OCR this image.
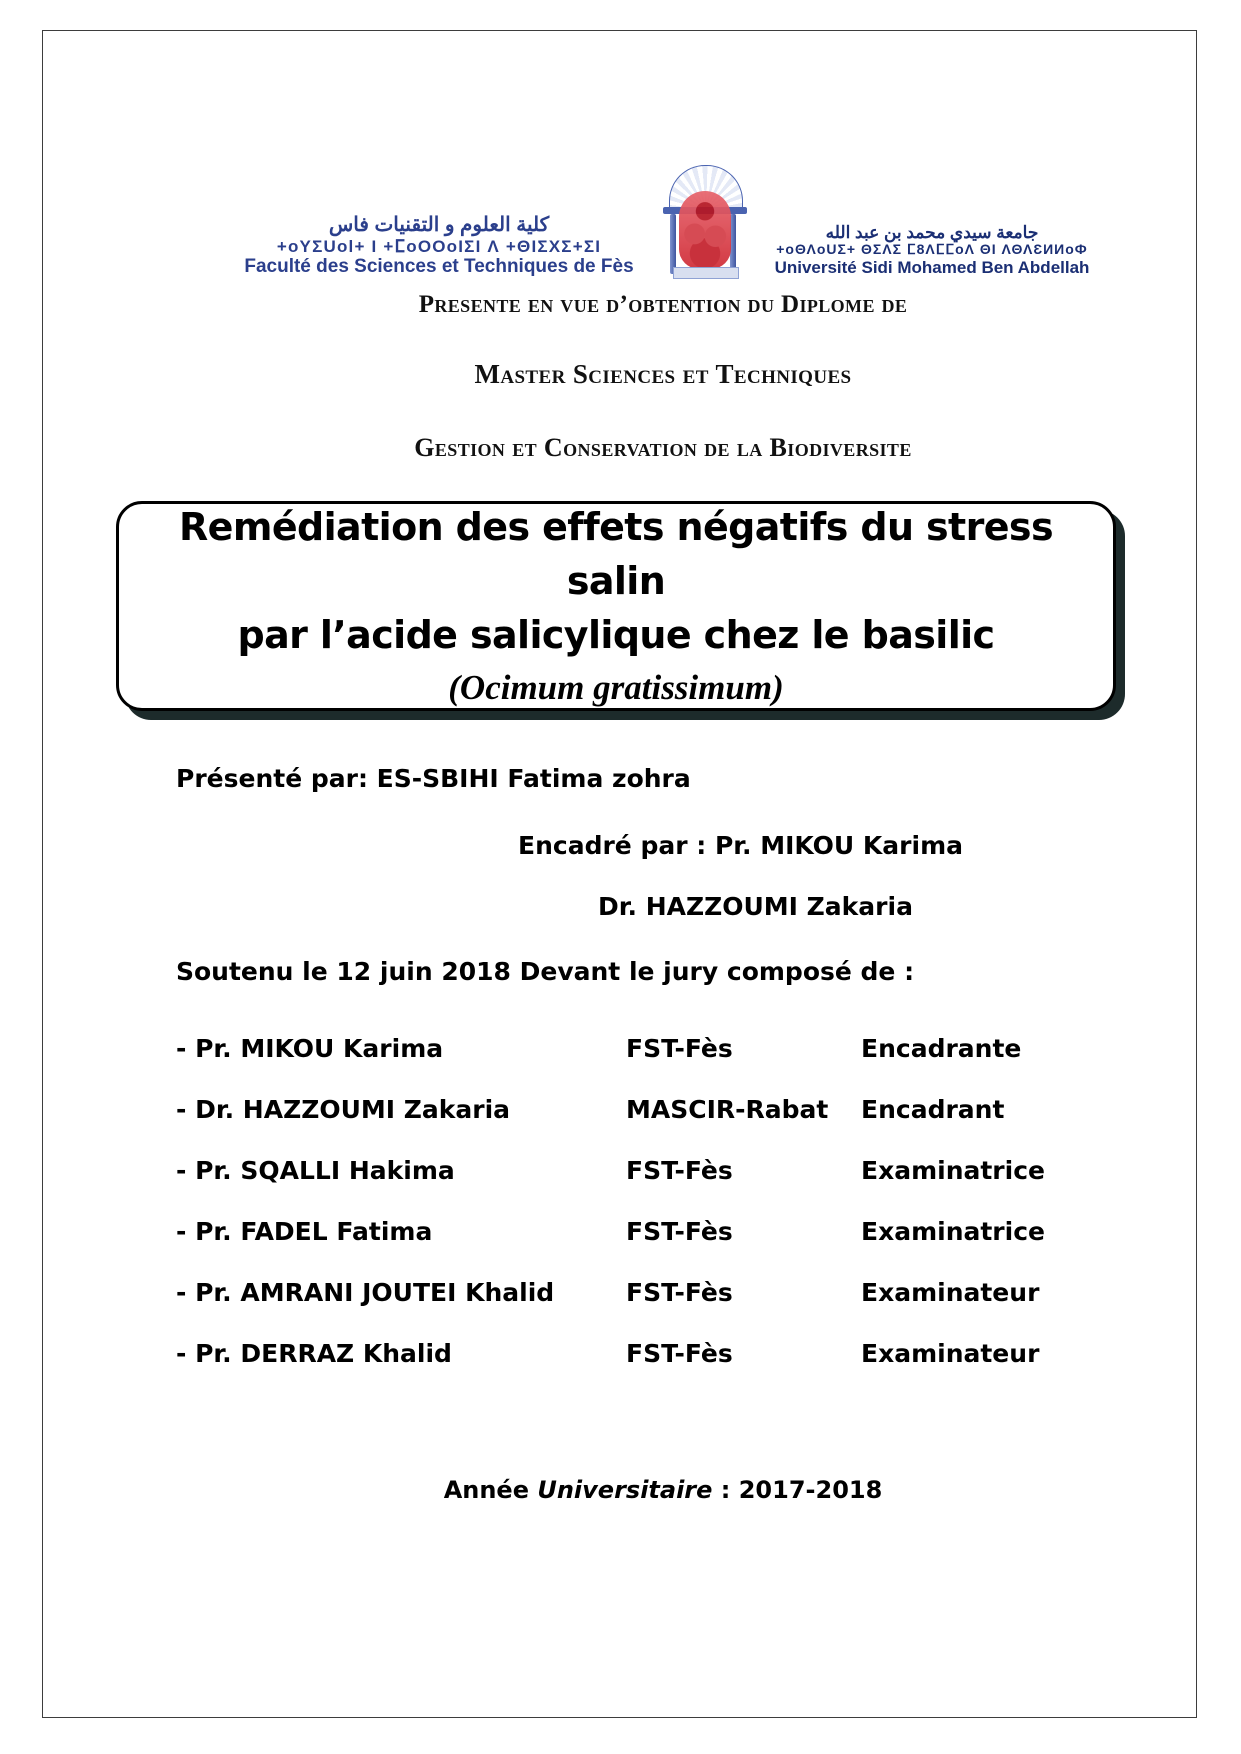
كلية العلوم و التقنيات فاس
+oΥΣUol+ I +ⵎoOOoIΣI Λ +ΘIΣXΣ+ΣI
Faculté des Sciences et Techniques de Fès
جامعة سيدي محمد بن عبد الله
+oΘΛoUΣ+ ΘΣΛΣ ⵎ8ΛⵎⵎoΛ ΘI ΛΘΛƐИИoФ
Université Sidi Mohamed Ben Abdellah
Presente en vue d’obtention du Diplome de
Master Sciences et Techniques
Gestion et Conservation de la Biodiversite
Remédiation des effets négatifs du stress salin
par l’acide salicylique chez le basilic
(Ocimum gratissimum)
Présenté par: ES-SBIHI Fatima zohra
Encadré par : Pr. MIKOU Karima
Dr. HAZZOUMI Zakaria
Soutenu le 12 juin 2018 Devant le jury composé de :
- Pr. MIKOU Karima	FST-Fès	Encadrante
- Dr. HAZZOUMI Zakaria	MASCIR-Rabat	Encadrant
- Pr. SQALLI Hakima	FST-Fès	Examinatrice
- Pr. FADEL Fatima	FST-Fès	Examinatrice
- Pr. AMRANI JOUTEI Khalid	FST-Fès	Examinateur
- Pr. DERRAZ Khalid	FST-Fès	Examinateur
Année Universitaire : 2017-2018
